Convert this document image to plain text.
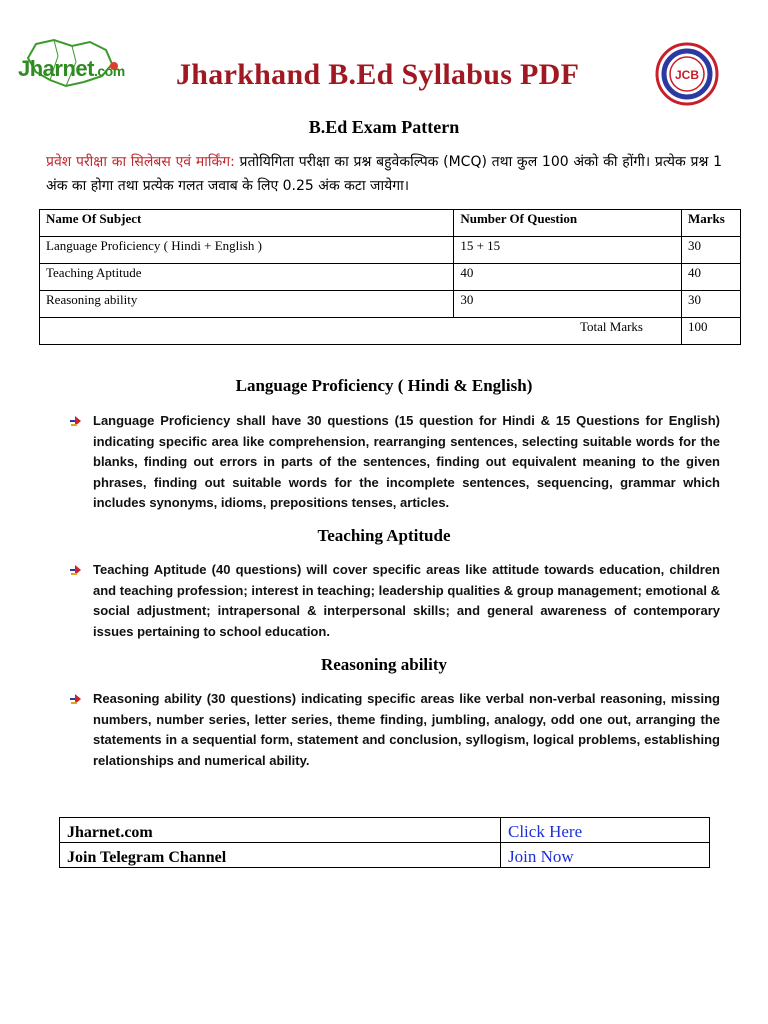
Jharnet.com Jharkhand B.Ed Syllabus PDF	JCB
B.Ed Exam Pattern
प्रवेश परीक्षा का सिलेबस एवं मार्किंग: प्रतोयिगिता परीक्षा का प्रश्न बहुवेकल्पिक (MCQ) तथा कुल 100 अंको की होंगी। प्रत्येक प्रश्न 1 अंक का होगा तथा प्रत्येक गलत जवाब के लिए 0.25 अंक कटा जायेगा।
Name Of Subject	Number Of Question	Marks
Language Proficiency ( Hindi + English )	15 + 15	30
Teaching Aptitude	40	40
Reasoning ability	30	30
Total Marks		100
Language Proficiency ( Hindi & English)
Language Proficiency shall have 30 questions (15 question for Hindi & 15 Questions for English) indicating specific area like comprehension, rearranging sentences, selecting suitable words for the blanks, finding out errors in parts of the sentences, finding out equivalent meaning to the given phrases, finding out suitable words for the incomplete sentences, sequencing, grammar which includes synonyms, idioms, prepositions tenses, articles.
Teaching Aptitude
Teaching Aptitude (40 questions) will cover specific areas like attitude towards education, children and teaching profession; interest in teaching; leadership qualities & group management; emotional & social adjustment; intrapersonal & interpersonal skills; and general awareness of contemporary issues pertaining to school education.
Reasoning ability
Reasoning ability (30 questions) indicating specific areas like verbal non-verbal reasoning, missing numbers, number series, letter series, theme finding, jumbling, analogy, odd one out, arranging the statements in a sequential form, statement and conclusion, syllogism, logical problems, establishing relationships and numerical ability.
Jharnet.com	Click Here
Join Telegram Channel	Join Now
